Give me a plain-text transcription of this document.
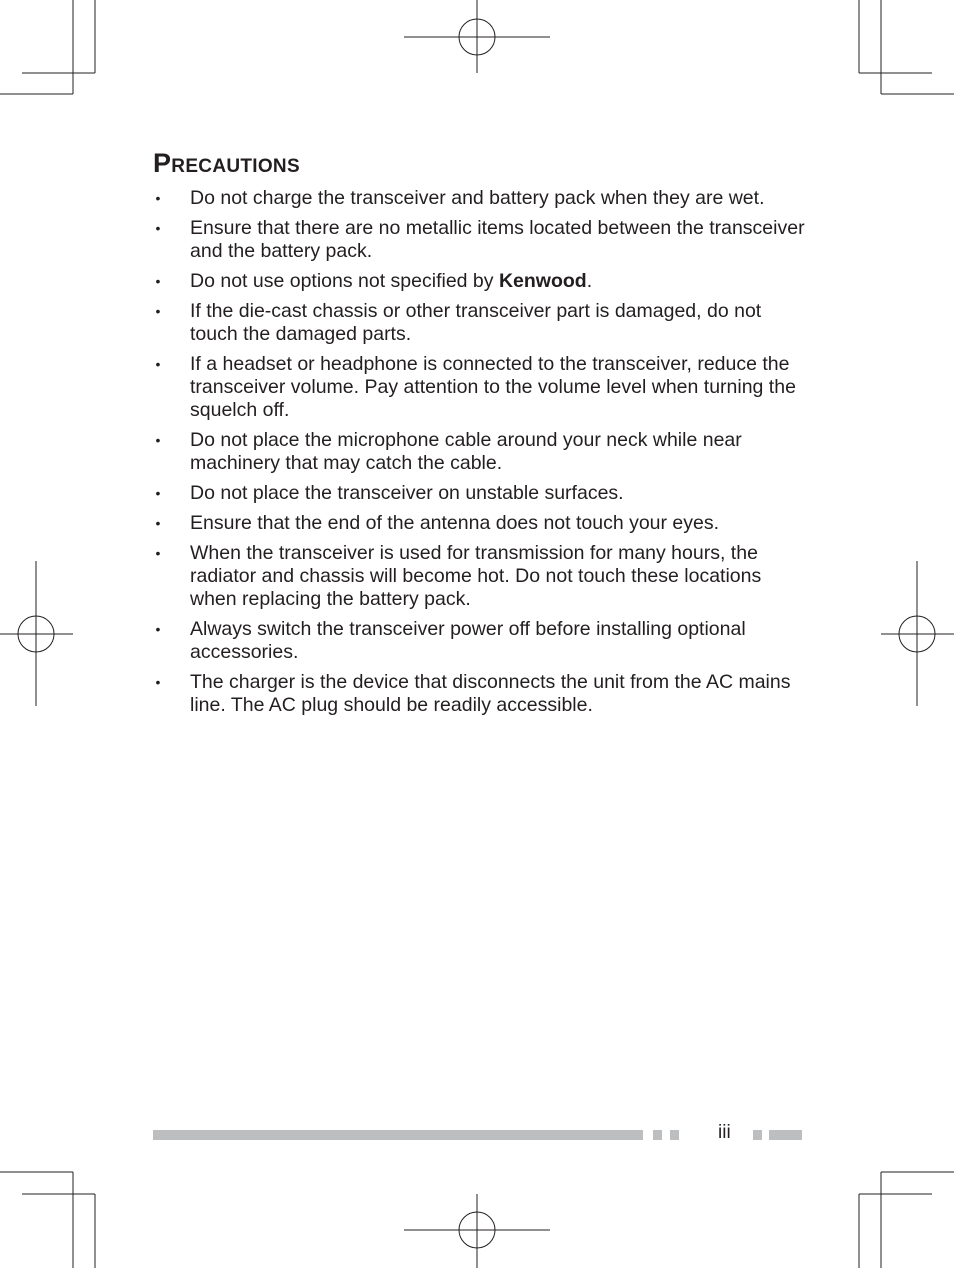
Precautions
• Do not charge the transceiver and battery pack when they are wet.
• Ensure that there are no metallic items located between the transceiver and the battery pack.
• Do not use options not specified by Kenwood.
• If the die-cast chassis or other transceiver part is damaged, do not touch the damaged parts.
• If a headset or headphone is connected to the transceiver, reduce the transceiver volume. Pay attention to the volume level when turning the squelch off.
• Do not place the microphone cable around your neck while near machinery that may catch the cable.
• Do not place the transceiver on unstable surfaces.
• Ensure that the end of the antenna does not touch your eyes.
• When the transceiver is used for transmission for many hours, the radiator and chassis will become hot. Do not touch these locations when replacing the battery pack.
• Always switch the transceiver power off before installing optional accessories.
• The charger is the device that disconnects the unit from the AC mains line. The AC plug should be readily accessible.
iii
